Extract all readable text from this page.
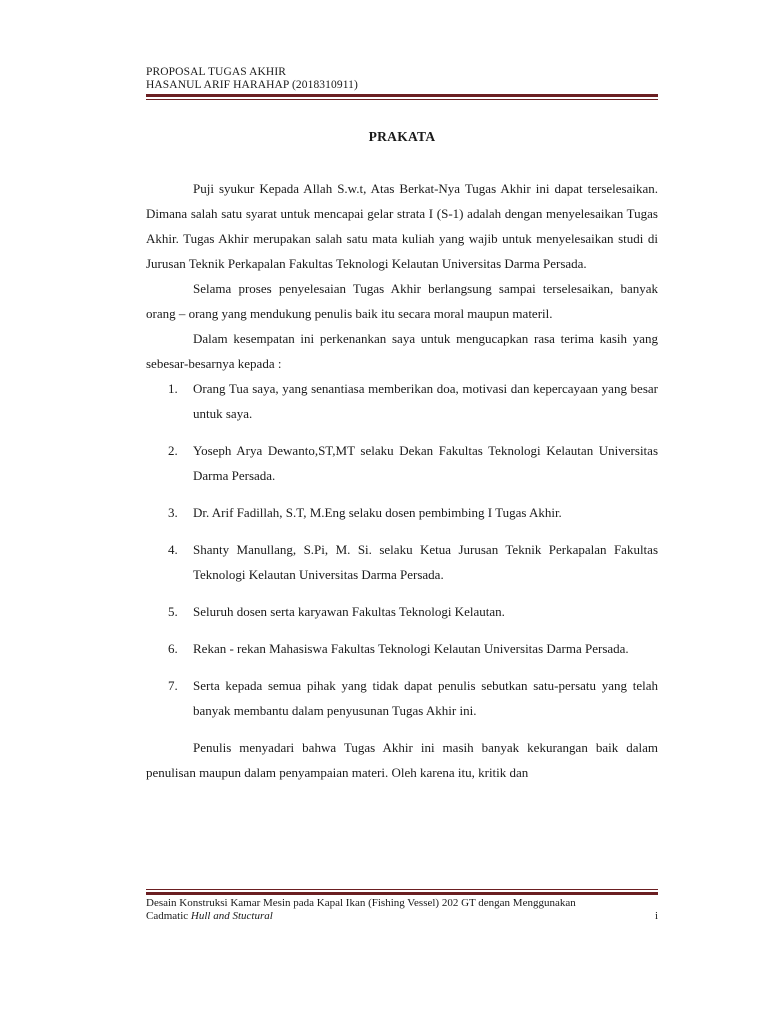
PROPOSAL TUGAS AKHIR
HASANUL ARIF HARAHAP (2018310911)
PRAKATA

Puji syukur Kepada Allah S.w.t, Atas Berkat-Nya Tugas Akhir ini dapat terselesaikan. Dimana salah satu syarat untuk mencapai gelar strata I (S-1) adalah dengan menyelesaikan Tugas Akhir. Tugas Akhir merupakan salah satu mata kuliah yang wajib untuk menyelesaikan studi di Jurusan Teknik Perkapalan Fakultas Teknologi Kelautan Universitas Darma Persada.

Selama proses penyelesaian Tugas Akhir berlangsung sampai terselesaikan, banyak orang – orang yang mendukung penulis baik itu secara moral maupun materil.

Dalam kesempatan ini perkenankan saya untuk mengucapkan rasa terima kasih yang sebesar-besarnya kepada :

1. Orang Tua saya, yang senantiasa memberikan doa, motivasi dan kepercayaan yang besar untuk saya.
2. Yoseph Arya Dewanto,ST,MT selaku Dekan Fakultas Teknologi Kelautan Universitas Darma Persada.
3. Dr. Arif Fadillah, S.T, M.Eng selaku dosen pembimbing I Tugas Akhir.
4. Shanty Manullang, S.Pi, M. Si. selaku Ketua Jurusan Teknik Perkapalan Fakultas Teknologi Kelautan Universitas Darma Persada.
5. Seluruh dosen serta karyawan Fakultas Teknologi Kelautan.
6. Rekan - rekan Mahasiswa Fakultas Teknologi Kelautan Universitas Darma Persada.
7. Serta kepada semua pihak yang tidak dapat penulis sebutkan satu-persatu yang telah banyak membantu dalam penyusunan Tugas Akhir ini.

Penulis menyadari bahwa Tugas Akhir ini masih banyak kekurangan baik dalam penulisan maupun dalam penyampaian materi. Oleh karena itu, kritik dan

Desain Konstruksi Kamar Mesin pada Kapal Ikan (Fishing Vessel) 202 GT dengan Menggunakan
Cadmatic Hull and Stuctural	i
